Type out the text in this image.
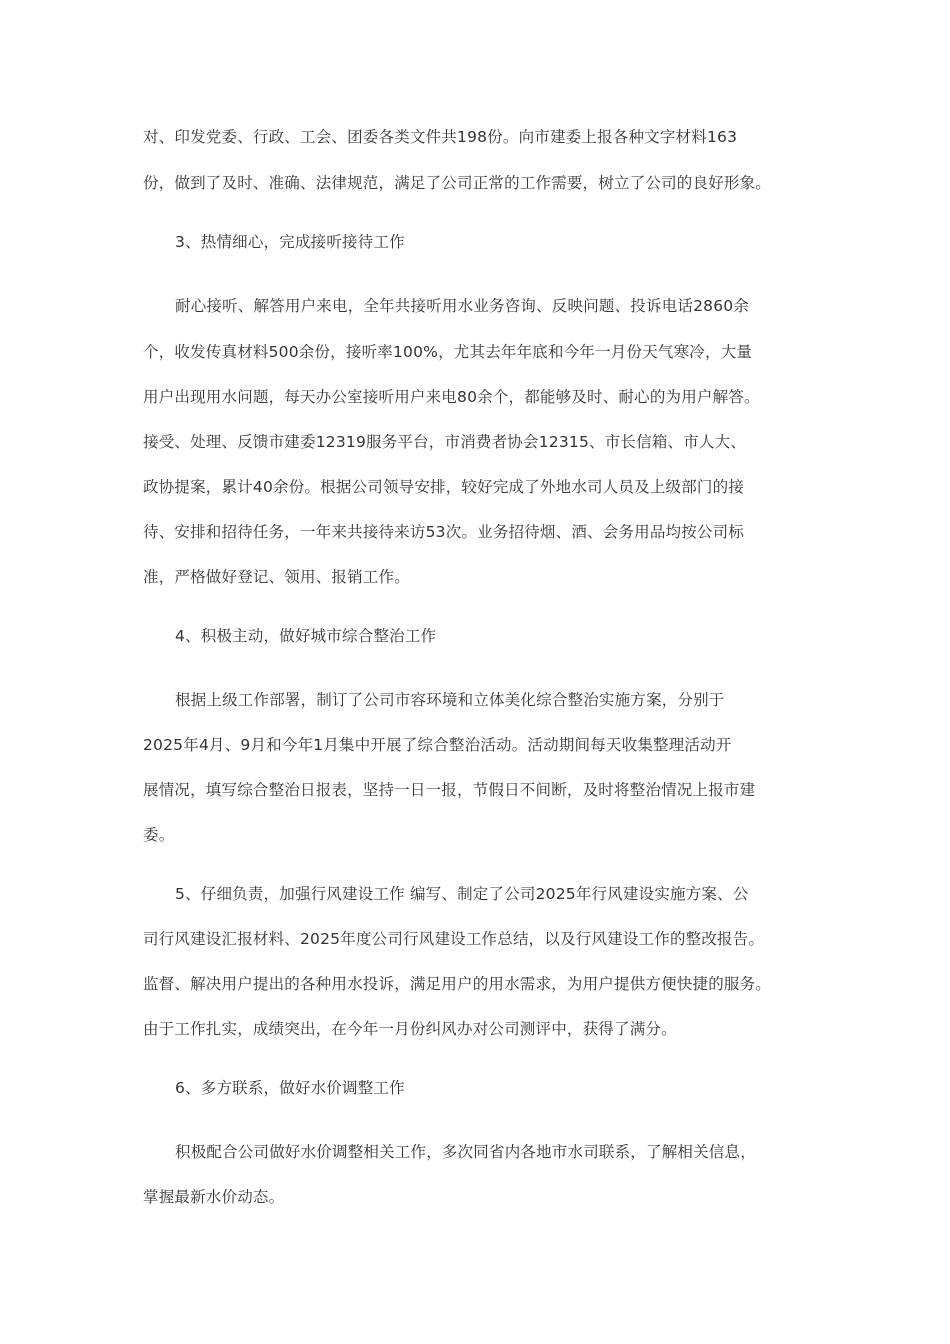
对、印发党委、行政、工会、团委各类文件共198份。向市建委上报各种文字材料163
份，做到了及时、准确、法律规范，满足了公司正常的工作需要，树立了公司的良好形象。
3、热情细心，完成接听接待工作
耐心接听、解答用户来电，全年共接听用水业务咨询、反映问题、投诉电话2860余
个，收发传真材料500余份，接听率100%，尤其去年年底和今年一月份天气寒冷，大量
用户出现用水问题，每天办公室接听用户来电80余个，都能够及时、耐心的为用户解答。
接受、处理、反馈市建委12319服务平台，市消费者协会12315、市长信箱、市人大、
政协提案，累计40余份。根据公司领导安排，较好完成了外地水司人员及上级部门的接
待、安排和招待任务，一年来共接待来访53次。业务招待烟、酒、会务用品均按公司标
准，严格做好登记、领用、报销工作。
4、积极主动，做好城市综合整治工作
根据上级工作部署，制订了公司市容环境和立体美化综合整治实施方案，分别于
2025年4月、9月和今年1月集中开展了综合整治活动。活动期间每天收集整理活动开
展情况，填写综合整治日报表，坚持一日一报，节假日不间断，及时将整治情况上报市建
委。
5、仔细负责，加强行风建设工作 编写、制定了公司2025年行风建设实施方案、公
司行风建设汇报材料、2025年度公司行风建设工作总结，以及行风建设工作的整改报告。
监督、解决用户提出的各种用水投诉，满足用户的用水需求，为用户提供方便快捷的服务。
由于工作扎实，成绩突出，在今年一月份纠风办对公司测评中，获得了满分。
6、多方联系，做好水价调整工作
积极配合公司做好水价调整相关工作，多次同省内各地市水司联系，了解相关信息，
掌握最新水价动态。
